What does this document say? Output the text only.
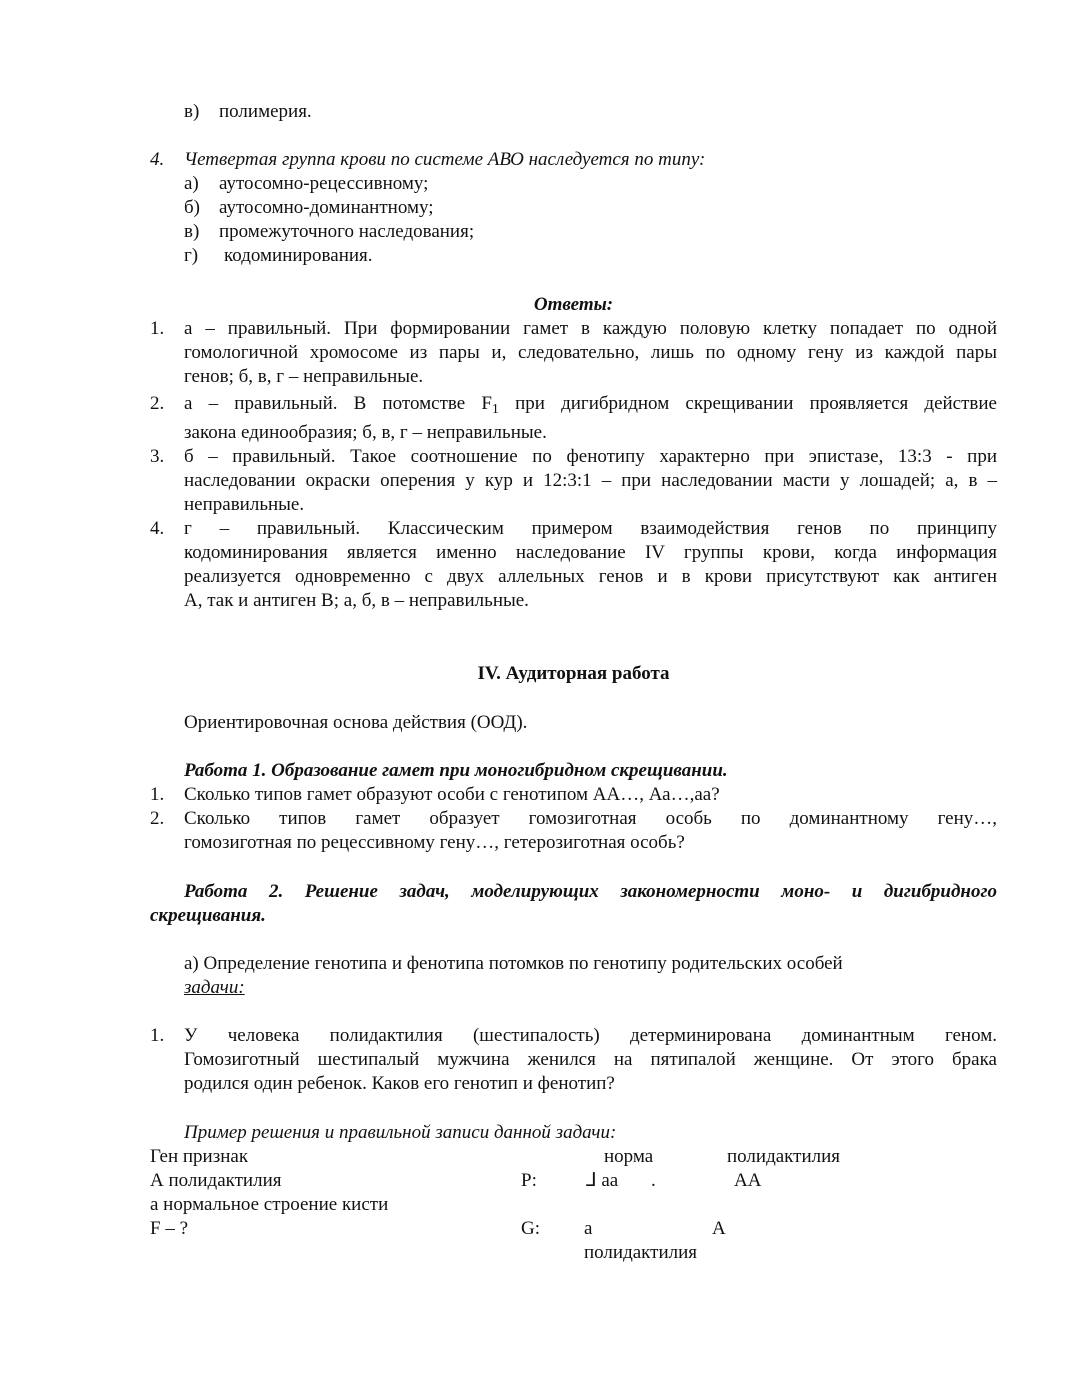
в) полимерия.
4. Четвертая группа крови по системе АВО наследуется по типу:
а) аутосомно-рецессивному;
б) аутосомно-доминантному;
в) промежуточного наследования;
г) кодоминирования.
Ответы:
1. а – правильный. При формировании гамет в каждую половую клетку попадает по одной
гомологичной хромосоме из пары и, следовательно, лишь по одному гену из каждой пары
генов; б, в, г – неправильные.
2. а – правильный. В потомстве $F_1$ при дигибридном скрещивании проявляется действие
закона единообразия; б, в, г – неправильные.
3. б – правильный. Такое соотношение по фенотипу характерно при эпистазе, 13:3 - при
наследовании окраски оперения у кур и 12:3:1 – при наследовании масти у лошадей; а, в –
неправильные.
4. г – правильный. Классическим примером взаимодействия генов по принципу
кодоминирования является именно наследование IV группы крови, когда информация
реализуется одновременно с двух аллельных генов и в крови присутствуют как антиген
А, так и антиген В; а, б, в – неправильные.
IV. Аудиторная работа
Ориентировочная основа действия (ООД).
Работа 1. Образование гамет при моногибридном скрещивании.
1. Сколько типов гамет образуют особи с генотипом АА…, Аа…,аа?
2. Сколько типов гамет образует гомозиготная особь по доминантному гену…,
гомозиготная по рецессивному гену…, гетерозиготная особь?
Работа 2. Решение задач, моделирующих закономерности моно- и дигибридного
скрещивания.
а) Определение генотипа и фенотипа потомков по генотипу родительских особей
задачи:
1. У человека полидактилия (шестипалость) детерминирована доминантным геном.
Гомозиготный шестипалый мужчина женился на пятипалой женщине. От этого брака
родился один ребенок. Каков его генотип и фенотип?
Пример решения и правильной записи данной задачи:
Ген признак	норма	полидактилия
А полидактилия	P:	⅃ аа .	АА
а нормальное строение кисти
F – ?	G: а	А
полидактилия
